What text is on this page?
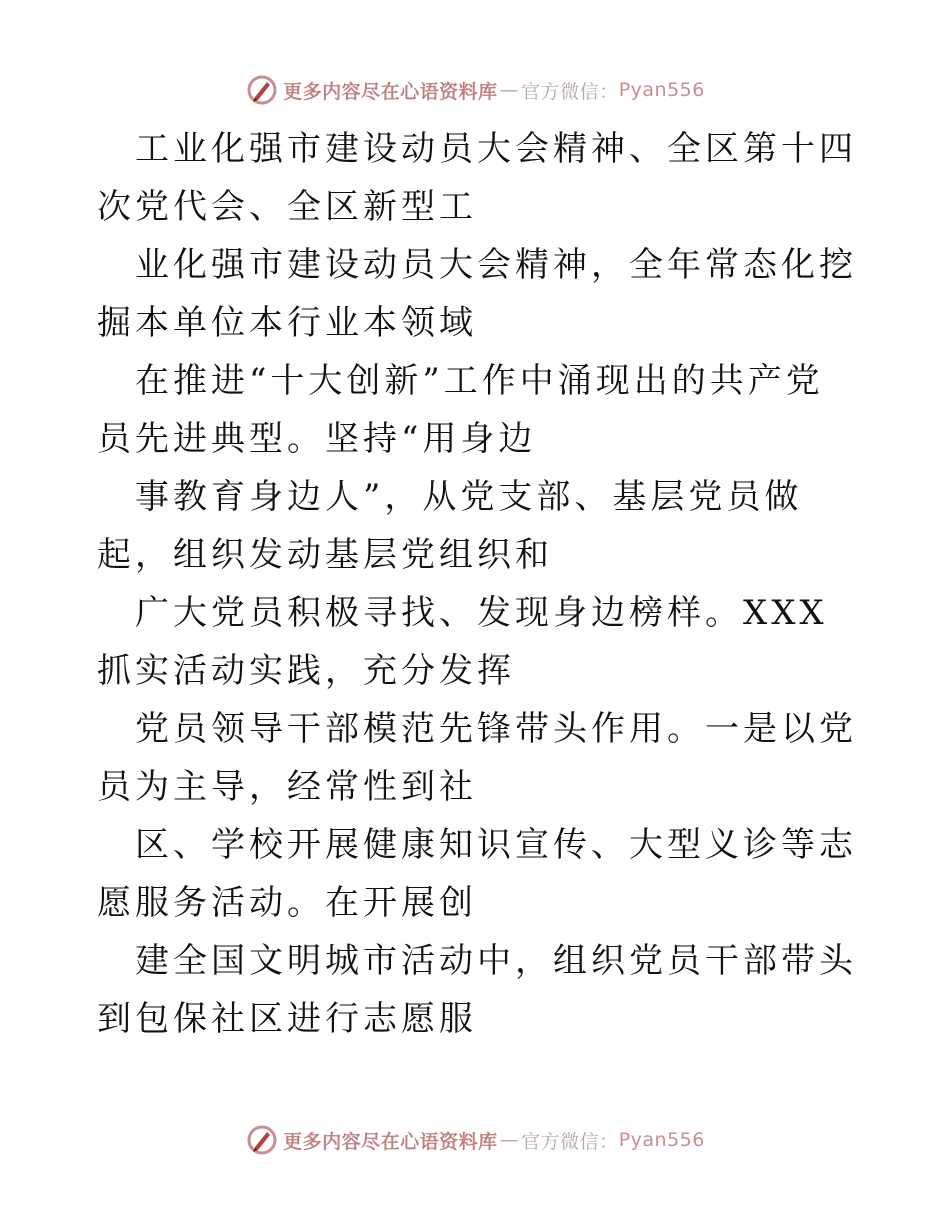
更多内容尽在心语资料库 — 官方微信： Pyan556

工业化强市建设动员大会精神、全区第十四次党代会、全区新型工

业化强市建设动员大会精神，全年常态化挖掘本单位本行业本领域

在推进“十大创新”工作中涌现出的共产党员先进典型。坚持“用身边

事教育身边人”，从党支部、基层党员做起，组织发动基层党组织和

广大党员积极寻找、发现身边榜样。XXX 抓实活动实践，充分发挥

党员领导干部模范先锋带头作用。一是以党员为主导，经常性到社

区、学校开展健康知识宣传、大型义诊等志愿服务活动。在开展创

建全国文明城市活动中，组织党员干部带头到包保社区进行志愿服

更多内容尽在心语资料库 — 官方微信： Pyan556
